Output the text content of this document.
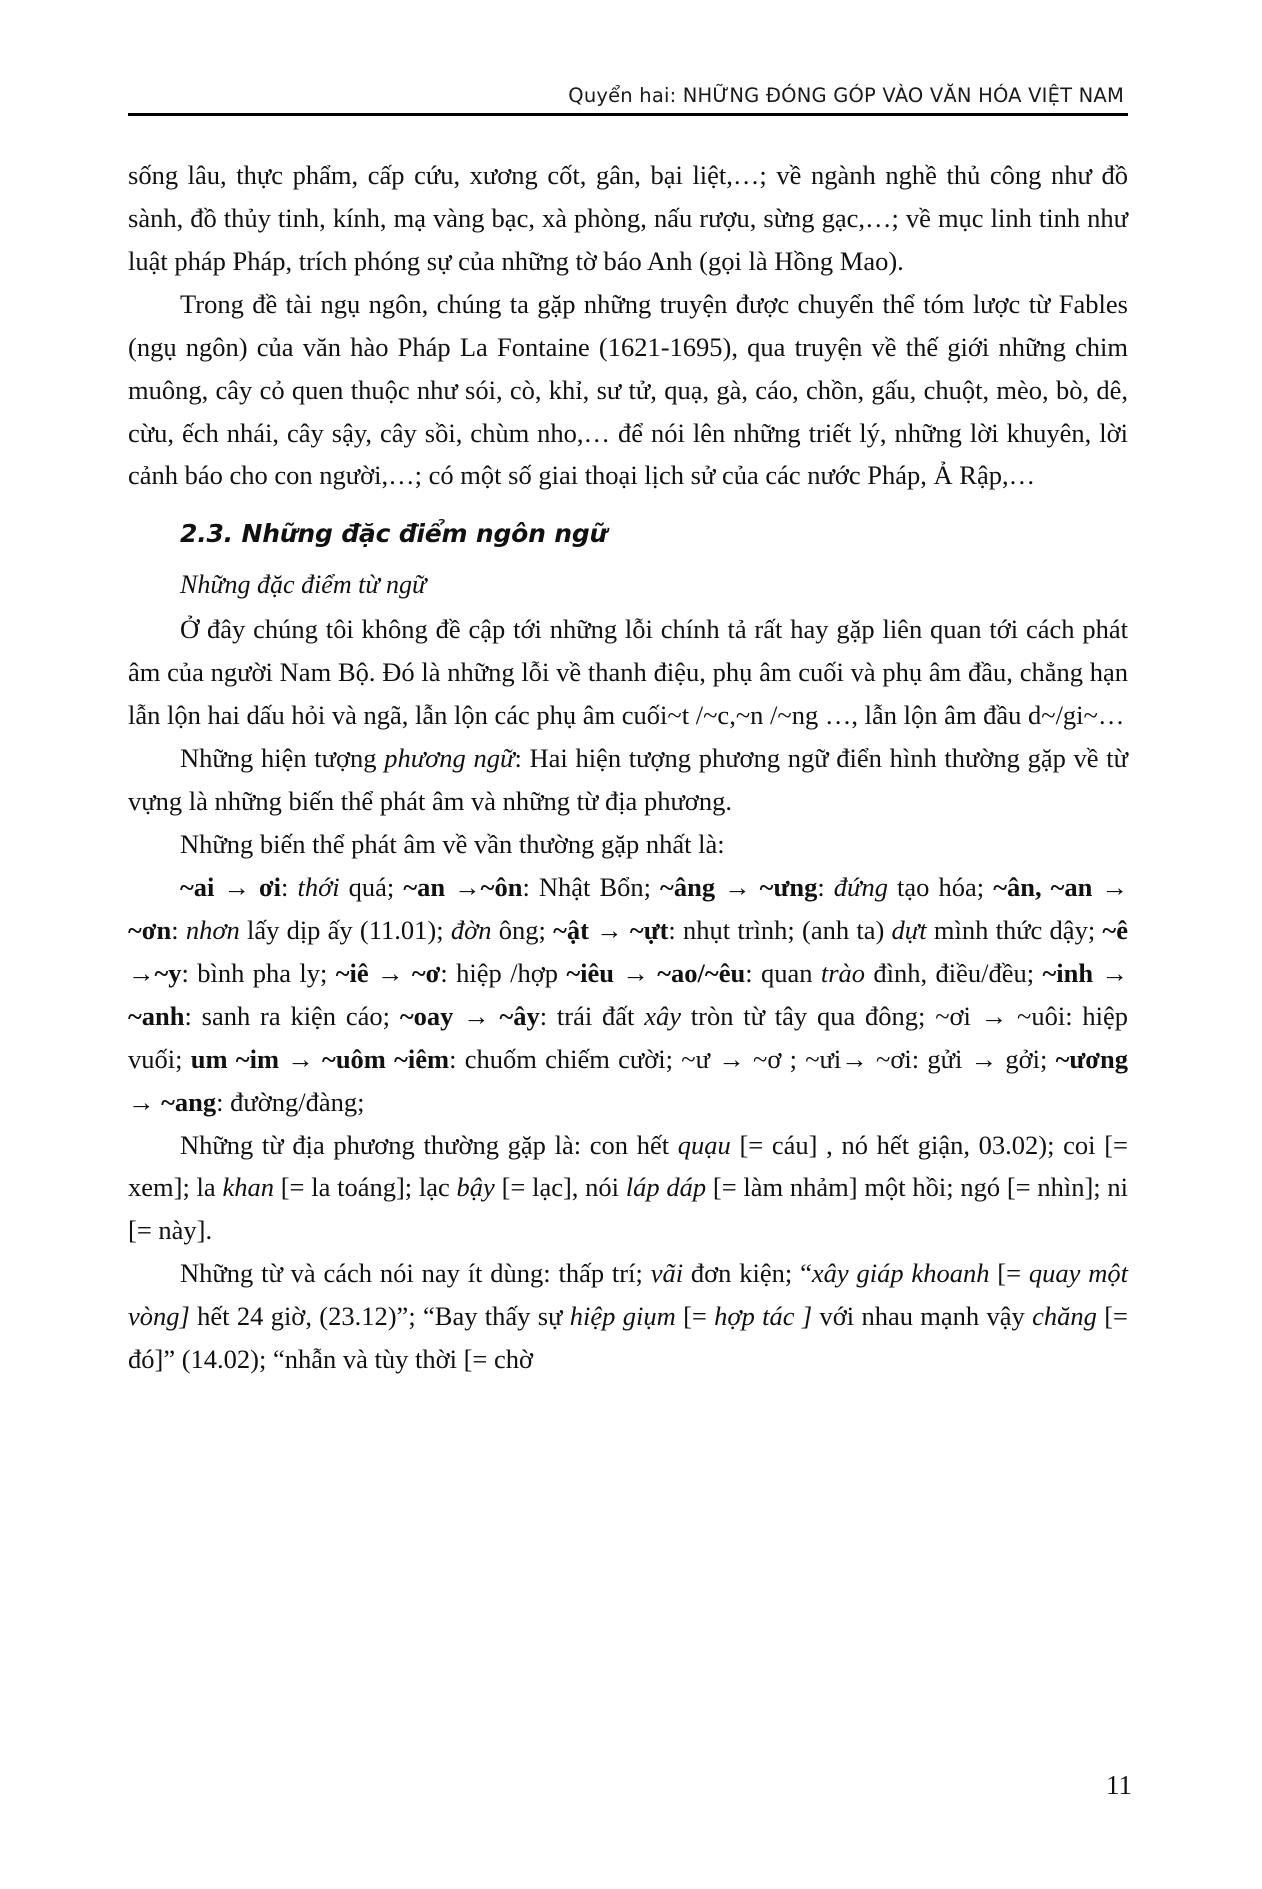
Quyển hai: NHỮNG ĐÓNG GÓP VÀO VĂN HÓA VIỆT NAM

sống lâu, thực phẩm, cấp cứu, xương cốt, gân, bại liệt,…; về ngành nghề thủ công như đồ sành, đồ thủy tinh, kính, mạ vàng bạc, xà phòng, nấu rượu, sừng gạc,…; về mục linh tinh như luật pháp Pháp, trích phóng sự của những tờ báo Anh (gọi là Hồng Mao).

Trong đề tài ngụ ngôn, chúng ta gặp những truyện được chuyển thể tóm lược từ Fables (ngụ ngôn) của văn hào Pháp La Fontaine (1621-1695), qua truyện về thế giới những chim muông, cây cỏ quen thuộc như sói, cò, khỉ, sư tử, quạ, gà, cáo, chồn, gấu, chuột, mèo, bò, dê, cừu, ếch nhái, cây sậy, cây sồi, chùm nho,… để nói lên những triết lý, những lời khuyên, lời cảnh báo cho con người,…; có một số giai thoại lịch sử của các nước Pháp, Ả Rập,…

2.3. Những đặc điểm ngôn ngữ

Những đặc điểm từ ngữ

Ở đây chúng tôi không đề cập tới những lỗi chính tả rất hay gặp liên quan tới cách phát âm của người Nam Bộ. Đó là những lỗi về thanh điệu, phụ âm cuối và phụ âm đầu, chẳng hạn lẫn lộn hai dấu hỏi và ngã, lẫn lộn các phụ âm cuối~t /~c,~n /~ng …, lẫn lộn âm đầu d~/gi~…

Những hiện tượng phương ngữ: Hai hiện tượng phương ngữ điển hình thường gặp về từ vựng là những biến thể phát âm và những từ địa phương.

Những biến thể phát âm về vần thường gặp nhất là:

~ai → ơi: thới quá; ~an →~ôn: Nhật Bổn; ~âng → ~ưng: đứng tạo hóa; ~ân, ~an → ~ơn: nhơn lấy dịp ấy (11.01); đờn ông; ~ật → ~ựt: nhụt trình; (anh ta) dựt mình thức dậy; ~ê →~y: bình pha ly; ~iê → ~ơ: hiệp /hợp ~iêu → ~ao/~êu: quan trào đình, điều/đều; ~inh → ~anh: sanh ra kiện cáo; ~oay → ~ây: trái đất xây tròn từ tây qua đông; ~ơi → ~uôi: hiệp vuối; um ~im → ~uôm ~iêm: chuốm chiếm cười; ~ư → ~ơ ; ~ưi→ ~ơi: gửi → gởi; ~ương → ~ang: đường/đàng;

Những từ địa phương thường gặp là: con hết quạu [= cáu] , nó hết giận, 03.02); coi [= xem]; la khan [= la toáng]; lạc bậy [= lạc], nói láp dáp [= làm nhảm] một hồi; ngó [= nhìn]; ni [= này].

Những từ và cách nói nay ít dùng: thấp trí; vãi đơn kiện; “xây giáp khoanh [= quay một vòng] hết 24 giờ, (23.12)”; “Bay thấy sự hiệp giụm [= hợp tác ] với nhau mạnh vậy chăng [= đó]” (14.02); “nhẫn và tùy thời [= chờ

11
